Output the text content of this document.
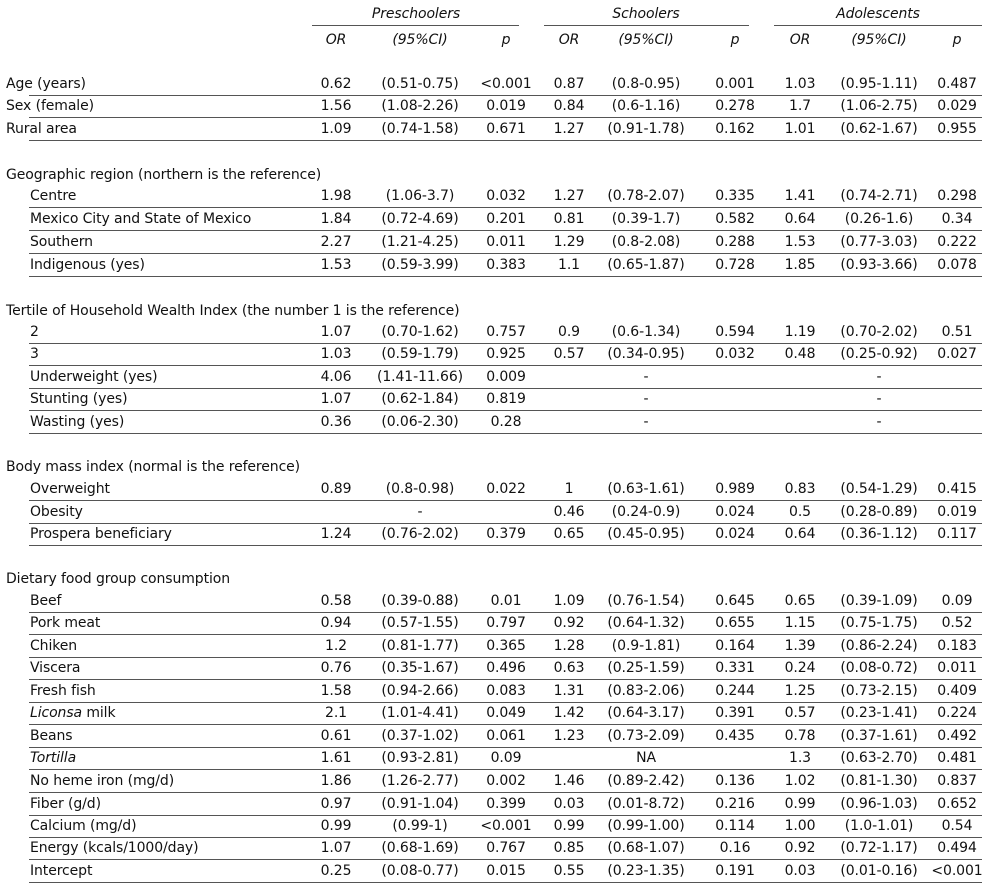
Preschoolers
OR	(95%CI)	p
Schoolers
OR	(95%CI)	p
Adolescents
OR	(95%CI)	p
Age (years)	0.62 (0.51-0.75) <0.001 0.87 (0.8-0.95) 0.001 1.03 (0.95-1.11) 0.487
Sex (female)	1.56 (1.08-2.26) 0.019 0.84 (0.6-1.16) 0.278 1.7 (1.06-2.75) 0.029
Rural area	1.09 (0.74-1.58) 0.671 1.27 (0.91-1.78) 0.162 1.01 (0.62-1.67) 0.955
Geographic region (northern is the reference)
Centre	1.98 (1.06-3.7) 0.032 1.27 (0.78-2.07) 0.335 1.41 (0.74-2.71) 0.298
Mexico City and State of Mexico	1.84 (0.72-4.69) 0.201 0.81 (0.39-1.7) 0.582 0.64 (0.26-1.6) 0.34
Southern	2.27 (1.21-4.25) 0.011 1.29 (0.8-2.08) 0.288 1.53 (0.77-3.03) 0.222
Indigenous (yes)	1.53 (0.59-3.99) 0.383 1.1 (0.65-1.87) 0.728 1.85 (0.93-3.66) 0.078
Tertile of Household Wealth Index (the number 1 is the reference)
2	1.07 (0.70-1.62) 0.757 0.9 (0.6-1.34) 0.594 1.19 (0.70-2.02) 0.51
3	1.03 (0.59-1.79) 0.925 0.57 (0.34-0.95) 0.032 0.48 (0.25-0.92) 0.027
Underweight (yes)	4.06 (1.41-11.66) 0.009	-	-
Stunting (yes)	1.07 (0.62-1.84) 0.819	-	-
Wasting (yes)	0.36 (0.06-2.30) 0.28	-	-
Body mass index (normal is the reference)
Overweight	0.89 (0.8-0.98) 0.022	1 (0.63-1.61) 0.989 0.83 (0.54-1.29) 0.415
Obesity	-	0.46 (0.24-0.9) 0.024 0.5 (0.28-0.89) 0.019
Prospera beneficiary	1.24 (0.76-2.02) 0.379 0.65 (0.45-0.95) 0.024 0.64 (0.36-1.12) 0.117
Dietary food group consumption
Beef	0.58 (0.39-0.88) 0.01 1.09 (0.76-1.54) 0.645 0.65 (0.39-1.09) 0.09
Pork meat	0.94 (0.57-1.55) 0.797 0.92 (0.64-1.32) 0.655 1.15 (0.75-1.75) 0.52
Chiken	1.2 (0.81-1.77) 0.365 1.28 (0.9-1.81) 0.164 1.39 (0.86-2.24) 0.183
Viscera	0.76 (0.35-1.67) 0.496 0.63 (0.25-1.59) 0.331 0.24 (0.08-0.72) 0.011
Fresh fish	1.58 (0.94-2.66) 0.083 1.31 (0.83-2.06) 0.244 1.25 (0.73-2.15) 0.409
Liconsa milk	2.1 (1.01-4.41) 0.049 1.42 (0.64-3.17) 0.391 0.57 (0.23-1.41) 0.224
Beans	0.61 (0.37-1.02) 0.061 1.23 (0.73-2.09) 0.435 0.78 (0.37-1.61) 0.492
Tortilla	1.61 (0.93-2.81) 0.09	NA	1.3 (0.63-2.70) 0.481
No heme iron (mg/d)	1.86 (1.26-2.77) 0.002 1.46 (0.89-2.42) 0.136 1.02 (0.81-1.30) 0.837
Fiber (g/d)	0.97 (0.91-1.04) 0.399 0.03 (0.01-8.72) 0.216 0.99 (0.96-1.03) 0.652
Calcium (mg/d)	0.99	(0.99-1) <0.001 0.99 (0.99-1.00) 0.114 1.00 (1.0-1.01) 0.54
Energy (kcals/1000/day)	1.07 (0.68-1.69) 0.767 0.85 (0.68-1.07) 0.16 0.92 (0.72-1.17) 0.494
Intercept	0.25 (0.08-0.77) 0.015 0.55 (0.23-1.35) 0.191 0.03 (0.01-0.16) <0.001
